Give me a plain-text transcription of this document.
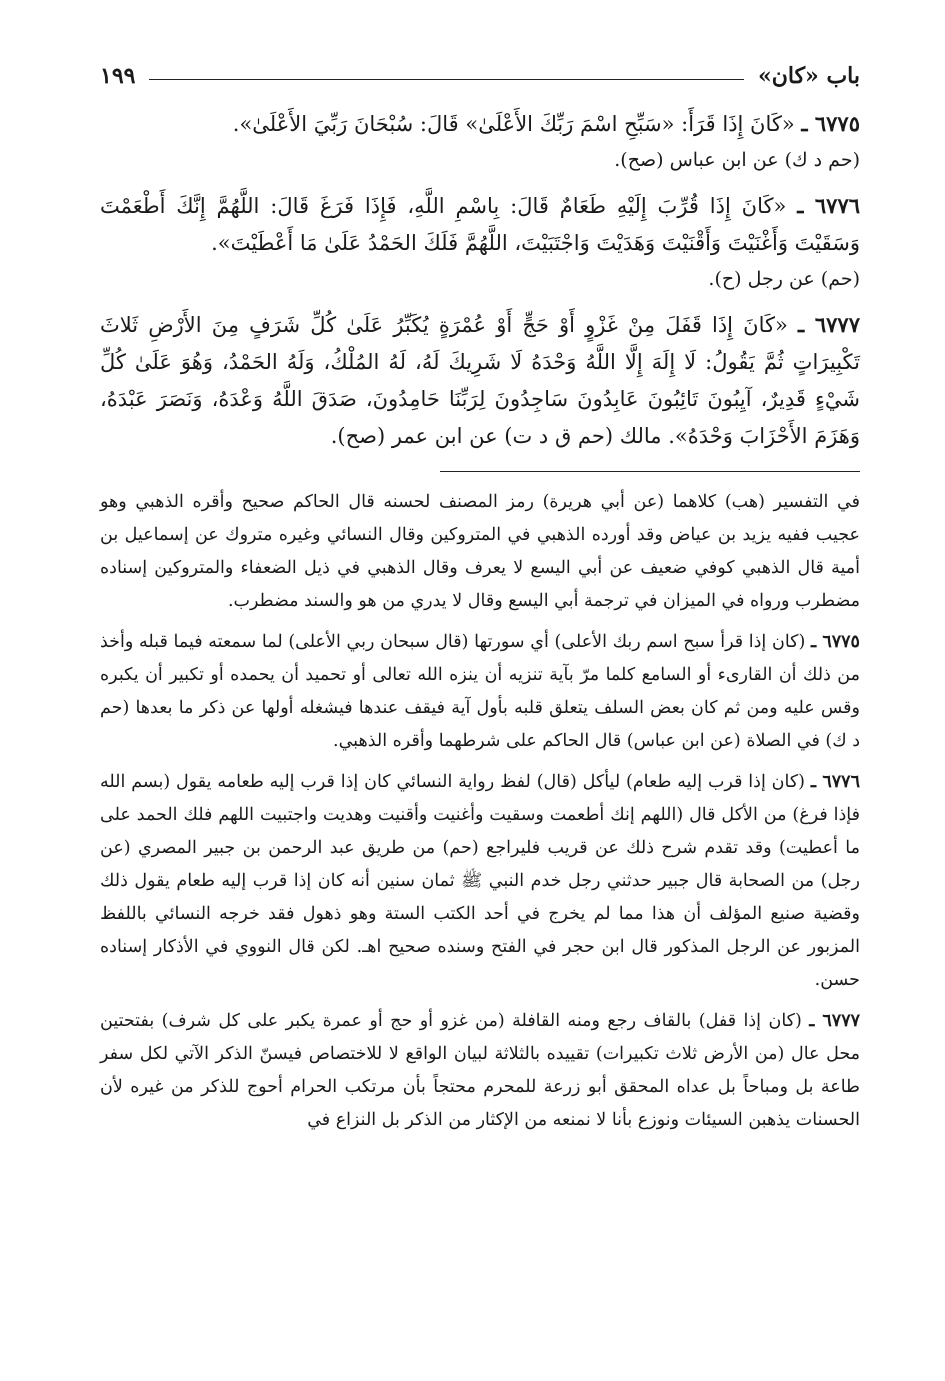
باب «كان»
١٩٩
٦٧٧٥ ـ «كَانَ إِذَا قَرَأَ: «سَبِّحِ اسْمَ رَبِّكَ الأَعْلَىٰ» قَالَ: سُبْحَانَ رَبِّيَ الأَعْلَىٰ».
(حم د ك) عن ابن عباس (صح).
٦٧٧٦ ـ «كَانَ إِذَا قُرِّبَ إِلَيْهِ طَعَامٌ قَالَ: بِاسْمِ اللَّهِ، فَإِذَا فَرَغَ قَالَ: اللَّهُمَّ إِنَّكَ أَطْعَمْتَ وَسَقَيْتَ وَأَغْنَيْتَ وَأَقْنَيْتَ وَهَدَيْتَ وَاجْتَبَيْتَ، اللَّهُمَّ فَلَكَ الحَمْدُ عَلَىٰ مَا أَعْطَيْتَ».
(حم) عن رجل (ح).
٦٧٧٧ ـ «كَانَ إِذَا قَفَلَ مِنْ غَزْوٍ أَوْ حَجٍّ أَوْ عُمْرَةٍ يُكَبِّرُ عَلَىٰ كُلِّ شَرَفٍ مِنَ الأَرْضِ ثَلاثَ تَكْبِيرَاتٍ ثُمَّ يَقُولُ: لَا إِلَهَ إِلَّا اللَّهُ وَحْدَهُ لَا شَرِيكَ لَهُ، لَهُ المُلْكُ، وَلَهُ الحَمْدُ، وَهُوَ عَلَىٰ كُلِّ شَيْءٍ قَدِيرٌ، آيِبُونَ تَائِبُونَ عَابِدُونَ سَاجِدُونَ لِرَبِّنَا حَامِدُونَ، صَدَقَ اللَّهُ وَعْدَهُ، وَنَصَرَ عَبْدَهُ، وَهَزَمَ الأَحْزَابَ وَحْدَهُ». مالك (حم ق د ت) عن ابن عمر (صح).
في التفسير (هب) كلاهما (عن أبي هريرة) رمز المصنف لحسنه قال الحاكم صحيح وأقره الذهبي وهو عجيب ففيه يزيد بن عياض وقد أورده الذهبي في المتروكين وقال النسائي وغيره متروك عن إسماعيل بن أمية قال الذهبي كوفي ضعيف عن أبي اليسع لا يعرف وقال الذهبي في ذيل الضعفاء والمتروكين إسناده مضطرب ورواه في الميزان في ترجمة أبي اليسع وقال لا يدري من هو والسند مضطرب.
٦٧٧٥ ـ (كان إذا قرأ سبح اسم ربك الأعلى) أي سورتها (قال سبحان ربي الأعلى) لما سمعته فيما قبله وأخذ من ذلك أن القارىء أو السامع كلما مرّ بآية تنزيه أن ينزه الله تعالى أو تحميد أن يحمده أو تكبير أن يكبره وقس عليه ومن ثم كان بعض السلف يتعلق قلبه بأول آية فيقف عندها فيشغله أولها عن ذكر ما بعدها (حم د ك) في الصلاة (عن ابن عباس) قال الحاكم على شرطهما وأقره الذهبي.
٦٧٧٦ ـ (كان إذا قرب إليه طعام) ليأكل (قال) لفظ رواية النسائي كان إذا قرب إليه طعامه يقول (بسم الله فإذا فرغ) من الأكل قال (اللهم إنك أطعمت وسقيت وأغنيت وأقنيت وهديت واجتبيت اللهم فلك الحمد على ما أعطيت) وقد تقدم شرح ذلك عن قريب فليراجع (حم) من طريق عبد الرحمن بن جبير المصري (عن رجل) من الصحابة قال جبير حدثني رجل خدم النبي ﷺ ثمان سنين أنه كان إذا قرب إليه طعام يقول ذلك وقضية صنيع المؤلف أن هذا مما لم يخرج في أحد الكتب الستة وهو ذهول فقد خرجه النسائي باللفظ المزبور عن الرجل المذكور قال ابن حجر في الفتح وسنده صحيح اهـ. لكن قال النووي في الأذكار إسناده حسن.
٦٧٧٧ ـ (كان إذا قفل) بالقاف رجع ومنه القافلة (من غزو أو حج أو عمرة يكبر على كل شرف) بفتحتين محل عال (من الأرض ثلاث تكبيرات) تقييده بالثلاثة لبيان الواقع لا للاختصاص فيسنّ الذكر الآتي لكل سفر طاعة بل ومباحاً بل عداه المحقق أبو زرعة للمحرم محتجاً بأن مرتكب الحرام أحوج للذكر من غيره لأن الحسنات يذهبن السيئات ونوزع بأنا لا نمنعه من الإكثار من الذكر بل النزاع في
